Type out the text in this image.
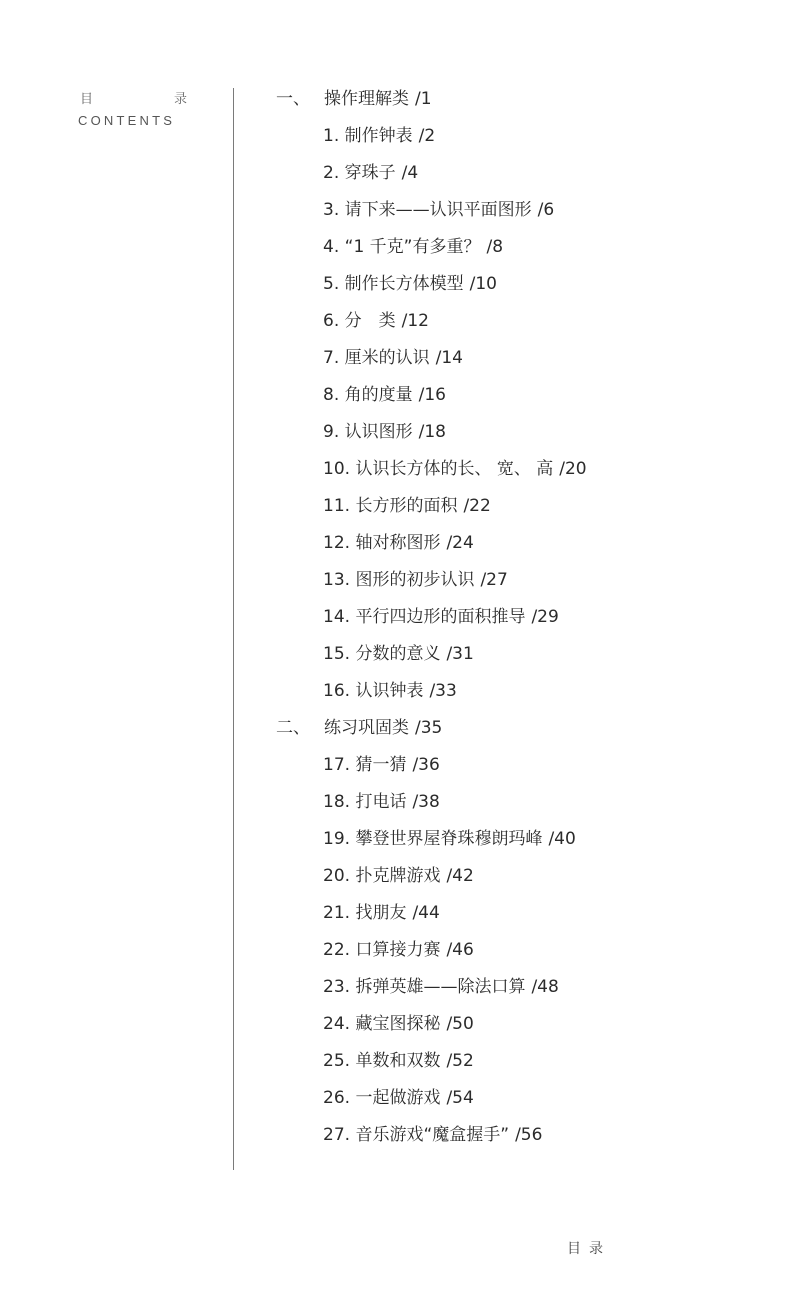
目	录
CONTENTS
一、 操作理解类 /1
1. 制作钟表 /2
2. 穿珠子 /4
3. 请下来——认识平面图形 /6
4. “1 千克”有多重？ /8
5. 制作长方体模型 /10
6. 分　类 /12
7. 厘米的认识 /14
8. 角的度量 /16
9. 认识图形 /18
10. 认识长方体的长、 宽、 高 /20
11. 长方形的面积 /22
12. 轴对称图形 /24
13. 图形的初步认识 /27
14. 平行四边形的面积推导 /29
15. 分数的意义 /31
16. 认识钟表 /33
二、 练习巩固类 /35
17. 猜一猜 /36
18. 打电话 /38
19. 攀登世界屋脊珠穆朗玛峰 /40
20. 扑克牌游戏 /42
21. 找朋友 /44
22. 口算接力赛 /46
23. 拆弹英雄——除法口算 /48
24. 藏宝图探秘 /50
25. 单数和双数 /52
26. 一起做游戏 /54
27. 音乐游戏“魔盒握手” /56
目 录
